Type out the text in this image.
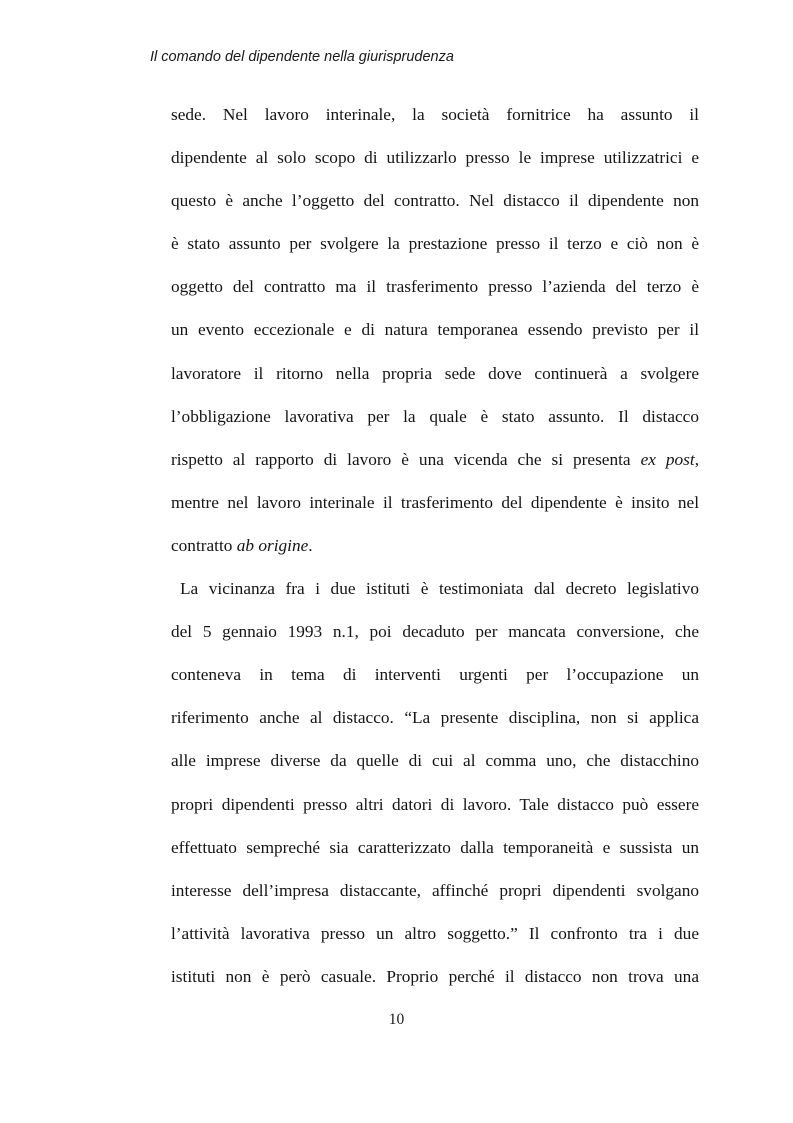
Il comando del dipendente nella giurisprudenza
sede. Nel lavoro interinale, la società fornitrice ha assunto il
dipendente al solo scopo di utilizzarlo presso le imprese utilizzatrici e
questo è anche l’oggetto del contratto. Nel distacco il dipendente non
è stato assunto per svolgere la prestazione presso il terzo e ciò non è
oggetto del contratto ma il trasferimento presso l’azienda del terzo è
un evento eccezionale e di natura temporanea essendo previsto per il
lavoratore il ritorno nella propria sede dove continuerà a svolgere
l’obbligazione lavorativa per la quale è stato assunto. Il distacco
rispetto al rapporto di lavoro è una vicenda che si presenta ex post,
mentre nel lavoro interinale il trasferimento del dipendente è insito nel
contratto ab origine.
La vicinanza fra i due istituti è testimoniata dal decreto legislativo
del 5 gennaio 1993 n.1, poi decaduto per mancata conversione, che
conteneva in tema di interventi urgenti per l’occupazione un
riferimento anche al distacco. “La presente disciplina, non si applica
alle imprese diverse da quelle di cui al comma uno, che distacchino
propri dipendenti presso altri datori di lavoro. Tale distacco può essere
effettuato sempreché sia caratterizzato dalla temporaneità e sussista un
interesse dell’impresa distaccante, affinché propri dipendenti svolgano
l’attività lavorativa presso un altro soggetto.” Il confronto tra i due
istituti non è però casuale. Proprio perché il distacco non trova una
10
